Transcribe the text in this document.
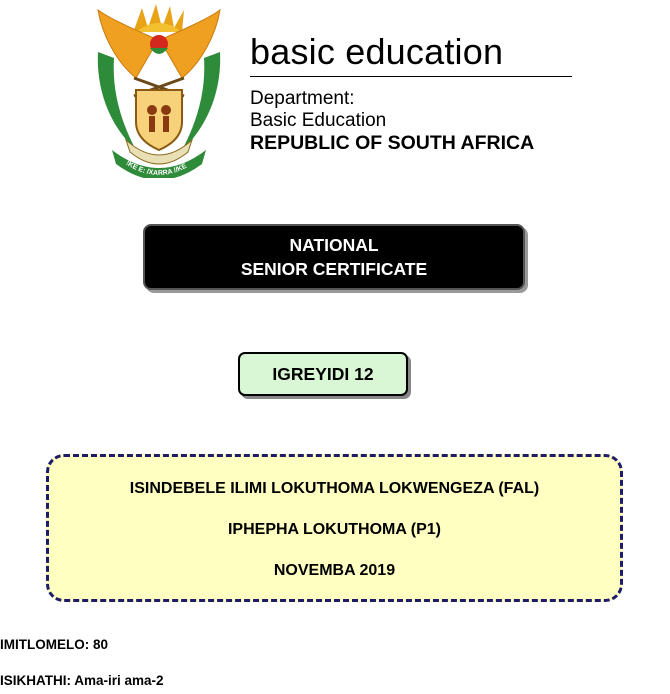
!KE E: /XARRA //KE
basic education
Department:
Basic Education
REPUBLIC OF SOUTH AFRICA
NATIONAL
SENIOR CERTIFICATE
IGREYIDI 12
ISINDEBELE ILIMI LOKUTHOMA LOKWENGEZA (FAL)
IPHEPHA LOKUTHOMA (P1)
NOVEMBA 2019
IMITLOMELO: 80
ISIKHATHI: Ama-iri ama-2
